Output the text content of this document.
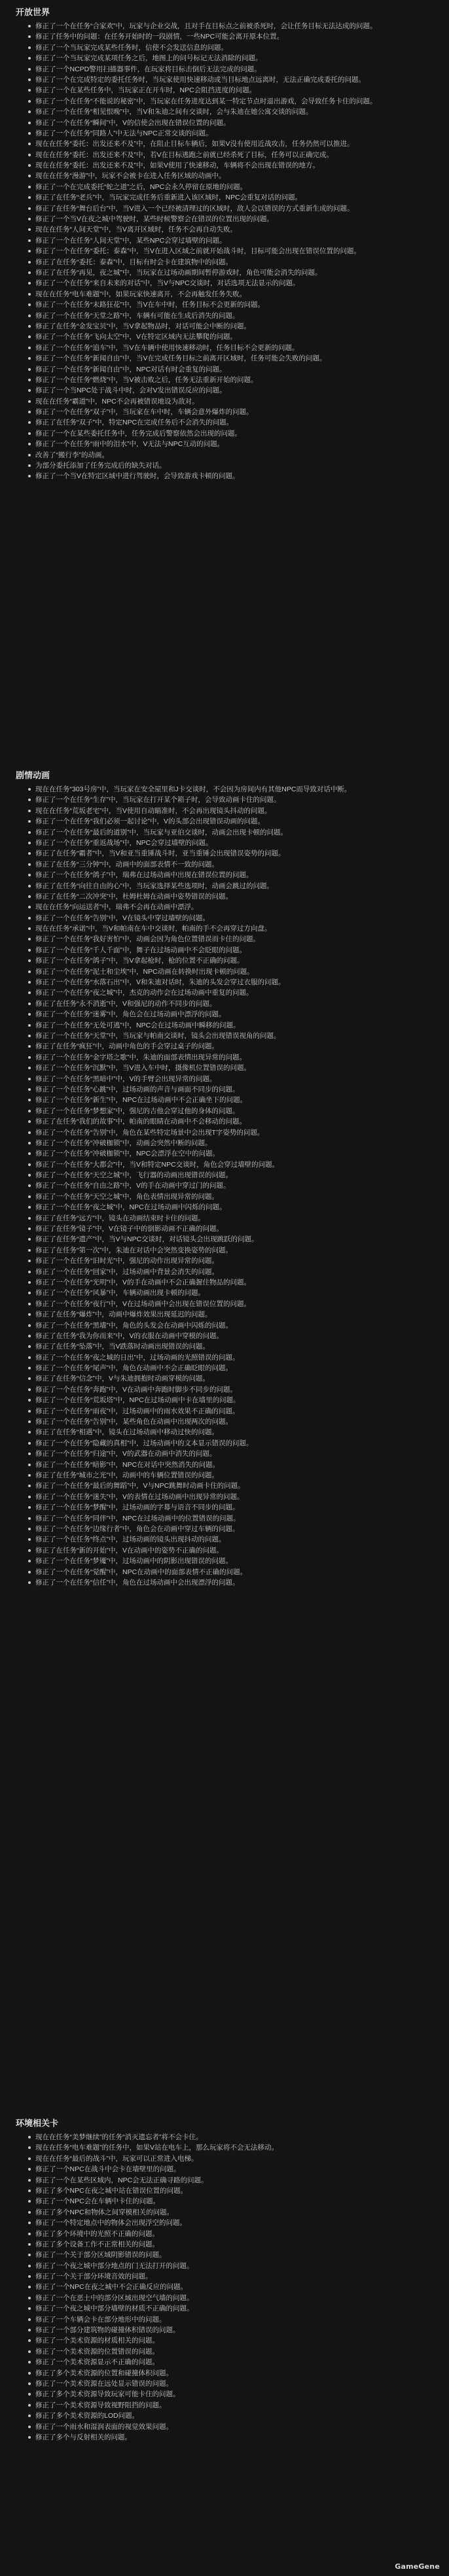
开放世界
修正了一个在任务“合家欢”中，玩家与企业交战，且对手在目标点之前被杀死时，会让任务目标无法达成的问题。
修正了任务中的问题：在任务开始时的一段剧情，一些NPC可能会离开原本位置。
修正了一个当玩家完成某些任务时，信使不会发送信息的问题。
修正了一个当玩家完成某项任务之后，地图上的问号标记无法消除的问题。
修正了一个NCPD警用扫描器事件，在玩家将目标击倒后无法完成的问题。
修正了一个在完成特定的委托任务时，当玩家使用快速移动或当目标地点远离时，无法正确完成委托的问题。
修正了一个在某些任务中，当玩家正在开车时，NPC会阻挡进度的问题。
修正了一个在任务“不能说的秘密”中，当玩家在任务进度达到某一特定节点时退出游戏，会导致任务卡住的问题。
修正了一个在任务“相见恨晚”中，当V和朱迪之间有交谈时，会与朱迪在她公寓交谈的问题。
修正了一个在任务“瞬间”中，V的信使会出现在错误位置的问题。
修正了一个在任务“同路人”中无法与NPC正常交谈的问题。
现在在任务“委托：出发还来不及”中，在阻止目标车辆后，如果V没有使用近战攻击，任务仍然可以推进。
现在在任务“委托：出发还来不及”中，若V在目标逃跑之前就已经杀死了目标，任务可以正确完成。
现在在任务“委托：出发还来不及”中，如果V使用了快速移动，车辆将不会出现在错误的地方。
现在在任务“漫游”中，玩家不会被卡在进入任务区域的动画中。
修正了一个在完成委托“蛇之道”之后，NPC会永久停留在原地的问题。
修正了在任务“老兵”中，当玩家完成任务后重新进入该区域时，NPC会重复对话的问题。
修正了在任务“舞台后台”中，当V进入一个已经被清理过的区域时，敌人会以错误的方式重新生成的问题。
修正了一个当V在夜之城中驾驶时，某些时候警察会在错误的位置出现的问题。
现在在任务“人间天堂”中，当V离开区域时，任务不会再自动失败。
修正了一个在任务“人间天堂”中，某些NPC会穿过墙壁的问题。
修正了一个在任务“委托：泰森”中，当V在进入区域之前就开始战斗时，目标可能会出现在错误位置的问题。
修正了在任务“委托：泰森”中，目标有时会卡在建筑物中的问题。
修正了在任务“再见，夜之城”中，当玩家在过场动画期间暂停游戏时，角色可能会消失的问题。
修正了一个在任务“来自未来的对话”中，当V与NPC交谈时，对话选项无法显示的问题。
现在在任务“电车难题”中，如果玩家快速离开，不会再触发任务失败。
修正了一个在任务“末路狂花”中，当V在车中时，任务目标不会更新的问题。
修正了一个在任务“天堂之路”中，车辆有可能在生成后消失的问题。
修正了在任务“金发宝贝”中，当V拿起物品时，对话可能会中断的问题。
修正了一个在任务“飞向太空”中，V在特定区域内无法攀爬的问题。
修正了一个在任务“追车”中，当V在车辆中使用快速移动时，任务目标不会更新的问题。
修正了一个在任务“新闻自由”中，当V在完成任务目标之前离开区域时，任务可能会失败的问题。
修正了一个在任务“新闻自由”中，NPC对话有时会重复的问题。
修正了一个在任务“燃烧”中，当V被击败之后，任务无法重新开始的问题。
修正了一个当NPC处于战斗中时，会对V发出错误反应的问题。
现在在任务“霸道”中，NPC不会再被错误地设为敌对。
修正了一个在任务“双子”中，当玩家在车中时，车辆会意外爆炸的问题。
修正了在任务“双子”中，特定NPC在完成任务后不会消失的问题。
修正了一个在某些委托任务中，任务完成后警察依然会出现的问题。
修正了一个在任务“雨中的泪水”中，V无法与NPC互动的问题。
改善了“搬行李”的动画。
为部分委托添加了任务完成后的缺失对话。
修正了一个当V在特定区域中进行驾驶时，会导致游戏卡顿的问题。
剧情动画
现在在任务“303号房”中，当玩家在安全屋里和J卡交谈时，不会因为房间内有其他NPC而导致对话中断。
修正了一个在任务“生存”中，当玩家在打开某个箱子时，会导致动画卡住的问题。
现在在任务“荒坂老宅”中，当V使用自动瞄准时，不会再出现镜头抖动的问题。
修正了一个在任务“我们必须一起讨论”中，V的头部会出现错误动画的问题。
修正了一个在任务“最后的道别”中，当玩家与亚伯交谈时，动画会出现卡顿的问题。
修正了一个在任务“重返战场”中，NPC会穿过墙壁的问题。
修正了在任务“霸者”中，当V和亚当重锤战斗时，亚当重锤会出现错误姿势的问题。
修正了在任务“三分钟”中，动画中的面部表情不一致的问题。
修正了一个在任务“鸽子”中，瑞弗在过场动画中出现在错误位置的问题。
修正了在任务“向往自由的心”中，当玩家选择某些选项时，动画会跳过的问题。
修正了在任务“二次冲突”中，杜姆杜姆在动画中姿势错误的问题。
现在在任务“向运送者”中，瑞弗不会再在动画中漂浮。
修正了一个在任务“告别”中，V在镜头中穿过墙壁的问题。
现在在任务“承诺”中，当V和帕南在车中交谈时，帕南的手不会再穿过方向盘。
修正了一个在任务“我好害怕”中，动画会因为角色位置错误而卡住的问题。
修正了一个在任务“千人千面”中，舞子在过场动画中不会眨眼的问题。
修正了一个在任务“鸽子”中，当V拿起枪时，枪的位置不正确的问题。
修正了一个在任务“泥土和尘埃”中，NPC动画在转换时出现卡顿的问题。
修正了一个在任务“水落石出”中，V和朱迪对话时，朱迪的头发会穿过衣服的问题。
修正了一个在任务“夜之城”中，杰克的动作会在过场动画中重复的问题。
修正了在任务“永不消逝”中，V和强尼的动作不同步的问题。
修正了一个在任务“迷雾”中，角色会在过场动画中漂浮的问题。
修正了一个在任务“无处可逃”中，NPC会在过场动画中瞬移的问题。
修正了一个在任务“天堂”中，当玩家与帕南交谈时，镜头会出现错误视角的问题。
修正了在任务“疯狂”中，动画中角色的手会穿过桌子的问题。
修正了一个在任务“金字塔之歌”中，朱迪的面部表情出现异常的问题。
修正了一个在任务“沉默”中，当V进入车中时，摄像机位置错误的问题。
修正了一个在任务“黑暗中”中，V的手臂会出现异常的问题。
修正了一个在任务“心跳”中，过场动画的声音与画面不同步的问题。
修正了一个在任务“新生”中，NPC在过场动画中不会正确坐下的问题。
修正了一个在任务“梦想家”中，强尼的吉他会穿过他的身体的问题。
修正了在任务“我们的故事”中，帕南的眼睛在动画中不会移动的问题。
修正了一个在任务“告别”中，角色在某些特定场景中会出现T字姿势的问题。
修正了一个在任务“冲破枷锁”中，动画会突然中断的问题。
修正了一个在任务“冲破枷锁”中，NPC会漂浮在空中的问题。
修正了一个在任务“大都会”中，当V和特定NPC交谈时，角色会穿过墙壁的问题。
修正了一个在任务“天空之城”中，飞行器的动画出现错误的问题。
修正了一个在任务“自由之路”中，V的手在动画中穿过门的问题。
修正了一个在任务“天空之城”中，角色表情出现异常的问题。
修正了一个在任务“夜之城”中，NPC在过场动画中闪烁的问题。
修正了在任务“远方”中，镜头在动画结束时卡住的问题。
修正了在任务“镜子”中，V在镜子中的倒影动画不正确的问题。
修正了在任务“遗产”中，当V与NPC交谈时，对话镜头会出现跳跃的问题。
修正了在任务“第一次”中，朱迪在对话中会突然变换姿势的问题。
修正了一个在任务“旧时光”中，强尼的动作出现异常的问题。
修正了一个在任务“回家”中，过场动画中背景会消失的问题。
修正了一个在任务“光明”中，V的手在动画中不会正确握住物品的问题。
修正了一个在任务“风暴”中，车辆动画出现卡顿的问题。
修正了一个在任务“夜行”中，V在过场动画中会出现在错误位置的问题。
修正了在任务“爆炸”中，动画中爆炸效果出现延迟的问题。
修正了一个在任务“黑墙”中，角色的头发会在动画中闪烁的问题。
修正了在任务“我为你而来”中，V的衣服在动画中穿模的问题。
修正了在任务“坠落”中，当V跌落时动画出现错误的问题。
修正了一个在任务“夜之城的日出”中，过场动画的光照错误的问题。
修正了一个在任务“尾声”中，角色在动画中不会正确眨眼的问题。
修正了在任务“信念”中，V与朱迪拥抱时动画穿模的问题。
修正了一个在任务“奔跑”中，V在动画中奔跑时脚步不同步的问题。
修正了一个在任务“荒坂塔”中，NPC在过场动画中卡在墙里的问题。
修正了一个在任务“雨夜”中，过场动画中的雨水效果不正确的问题。
修正了一个在任务“告别”中，某些角色在动画中出现两次的问题。
修正了在任务“相遇”中，镜头在过场动画中移动过快的问题。
修正了一个在任务“隐藏的真相”中，过场动画中的文本显示错误的问题。
修正了一个在任务“归途”中，V的武器在动画中消失的问题。
修正了一个在任务“暗影”中，NPC在对话中突然消失的问题。
修正了在任务“城市之光”中，动画中的车辆位置错误的问题。
修正了一个在任务“最后的舞蹈”中，V与NPC跳舞时动画卡住的问题。
修正了一个在任务“迷失”中，V的表情在过场动画中出现异常的问题。
修正了一个在任务“梦醒”中，过场动画的字幕与语音不同步的问题。
修正了一个在任务“同伴”中，NPC在过场动画中的位置错误的问题。
修正了一个在任务“边缘行者”中，角色会在动画中穿过车辆的问题。
修正了一个在任务“终点”中，过场动画的镜头出现抖动的问题。
修正了在任务“新的开始”中，V在动画中的姿势不正确的问题。
修正了一个在任务“梦魇”中，过场动画中的阴影出现错误的问题。
修正了一个在任务“觉醒”中，NPC在动画中的面部表情不正确的问题。
修正了一个在任务“信任”中，角色在过场动画中会出现漂浮的问题。
环境相关卡
现在在任务“美梦继续”的任务“消灭遗忘者”将不会卡住。
现在在任务“电车难题”的任务中，如果V站在电车上，那么玩家将不会无法移动。
现在在任务“最后的战斗”中，玩家可以正常进入电梯。
修正了一个NPC在战斗中会卡在墙壁里的问题。
修正了一个在某些区域内，NPC会无法正确寻路的问题。
修正了多个NPC在夜之城中站在错误位置的问题。
修正了一个NPC会在车辆中卡住的问题。
修正了多个NPC和物体之间穿模相关的问题。
修正了一个特定地点中的物体会出现浮空的问题。
修正了多个环境中的光照不正确的问题。
修正了多个设备工作不正常相关的问题。
修正了一个关于部分区域阴影错误的问题。
修正了一个夜之城中部分地点的门无法打开的问题。
修正了一个关于部分环境音效的问题。
修正了一个NPC在夜之城中不会正确反应的问题。
修正了一个在恶土中的部分区域出现空气墙的问题。
修正了一个夜之城中部分墙壁的材质不正确的问题。
修正了一个车辆会卡在部分地形中的问题。
修正了一个部分建筑物的碰撞体积错误的问题。
修正了一个美术资源的材质相关的问题。
修正了一个美术资源的位置错误的问题。
修正了一个美术资源显示不正确的问题。
修正了多个美术资源的位置和碰撞体积问题。
修正了一个美术资源在远处显示错误的问题。
修正了多个美术资源导致玩家可能卡住的问题。
修正了一个美术资源导致视野阻挡的问题。
修正了多个美术资源的LOD问题。
修正了一个雨水和湿润表面的视觉效果问题。
修正了多个与反射相关的问题。
GameGene
